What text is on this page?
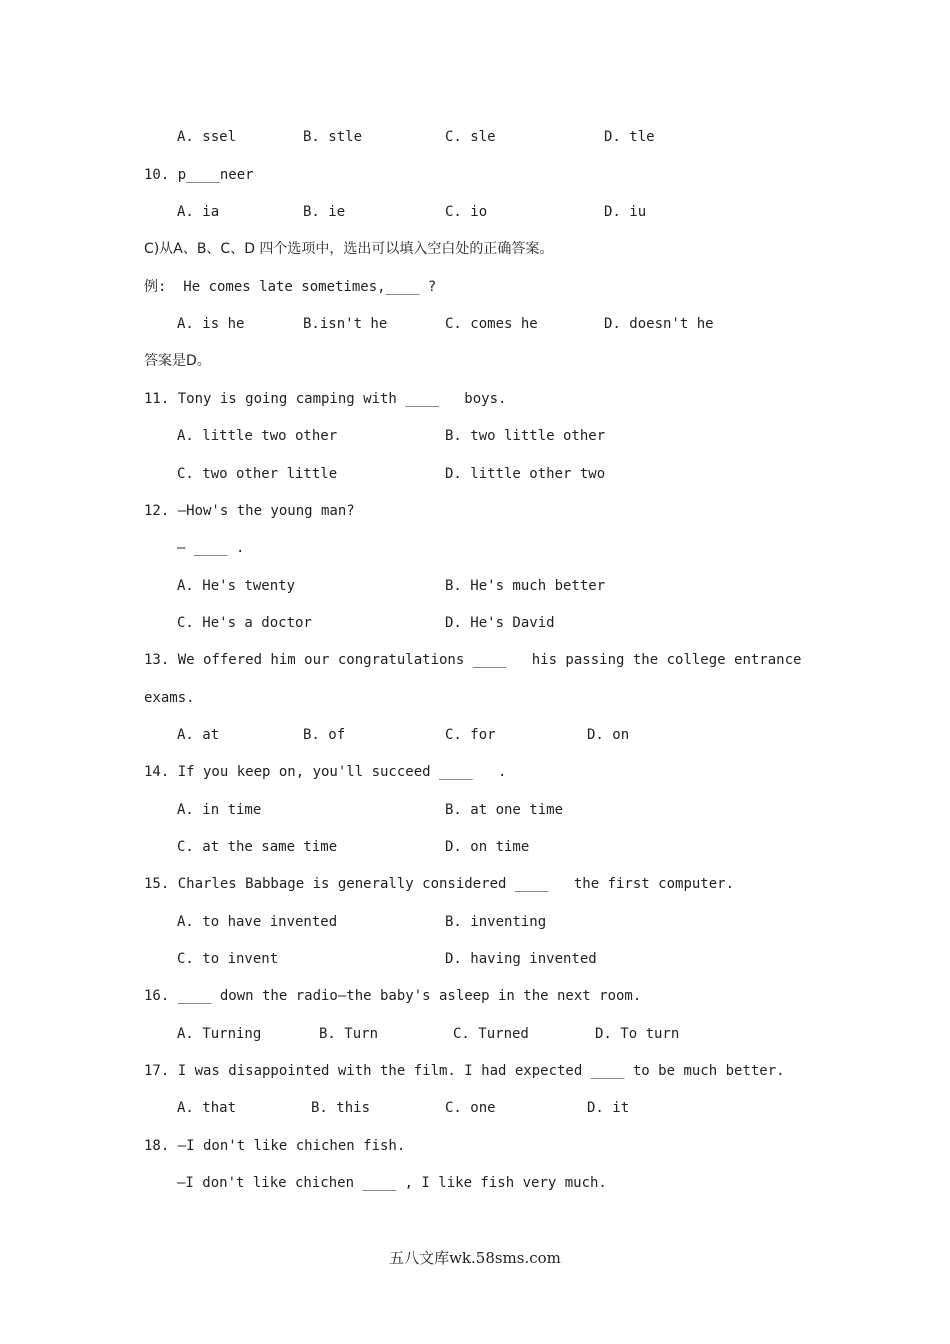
A. ssel	B. stle	C. sle	D. tle
10. p____neer
A. ia	B. ie	C. io	D. iu
C)从A、B、C、D 四个选项中，选出可以填入空白处的正确答案。
例:  He comes late sometimes,____ ?
A. is he	B.isn't he	C. comes he	D. doesn't he
答案是D。
11. Tony is going camping with ____   boys.
A. little two other	B. two little other
C. two other little	D. little other two
12. —How's the young man?
— ____ .
A. He's twenty	B. He's much better
C. He's a doctor	D. He's David
13. We offered him our congratulations ____   his passing the college entrance
exams.
A. at	B. of	C. for	D. on
14. If you keep on, you'll succeed ____   .
A. in time	B. at one time
C. at the same time	D. on time
15. Charles Babbage is generally considered ____   the first computer.
A. to have invented	B. inventing
C. to invent	D. having invented
16. ____ down the radio—the baby's asleep in the next room.
A. Turning	B. Turn	C. Turned	D. To turn
17. I was disappointed with the film. I had expected ____ to be much better.
A. that	B. this	C. one	D. it
18. —I don't like chichen fish.
—I don't like chichen ____ , I like fish very much.
五八文库wk.58sms.com
